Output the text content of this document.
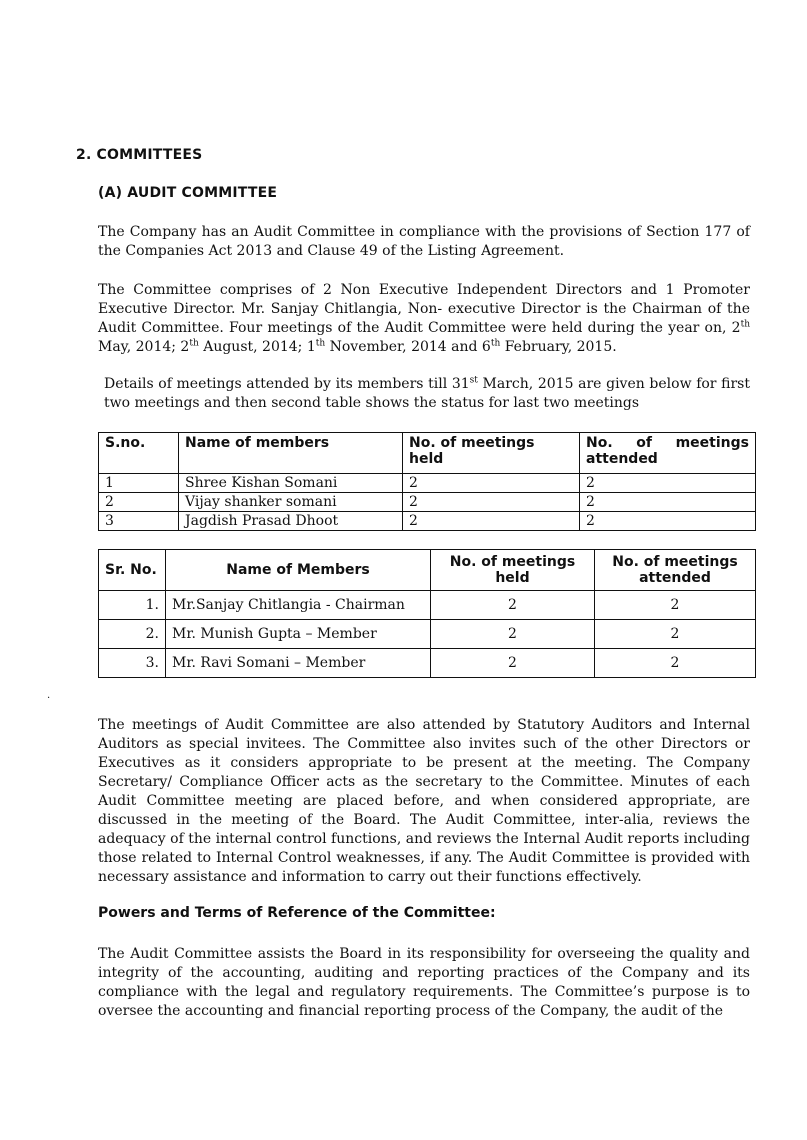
2. COMMITTEES
(A) AUDIT COMMITTEE
The Company has an Audit Committee in compliance with the provisions of Section 177 of the Companies Act 2013 and Clause 49 of the Listing Agreement.
The Committee comprises of 2 Non Executive Independent Directors and 1 Promoter Executive Director. Mr. Sanjay Chitlangia, Non- executive Director is the Chairman of the Audit Committee. Four meetings of the Audit Committee were held during the year on, 2th May, 2014; 2th August, 2014; 1th November, 2014 and 6th February, 2015.
Details of meetings attended by its members till 31st March, 2015 are given below for first two meetings and then second table shows the status for last two meetings
S.no.	Name of members	No. of meetings held	No. of meetings attended
1	Shree Kishan Somani	2	2
2	Vijay shanker somani	2	2
3	Jagdish Prasad Dhoot	2	2
Sr. No.	Name of Members	No. of meetings held	No. of meetings attended
1.	Mr.Sanjay Chitlangia - Chairman	2	2
2.	Mr. Munish Gupta – Member	2	2
3.	Mr. Ravi Somani – Member	2	2
.
The meetings of Audit Committee are also attended by Statutory Auditors and Internal Auditors as special invitees. The Committee also invites such of the other Directors or Executives as it considers appropriate to be present at the meeting. The Company Secretary/ Compliance Officer acts as the secretary to the Committee. Minutes of each Audit Committee meeting are placed before, and when considered appropriate, are discussed in the meeting of the Board. The Audit Committee, inter-alia, reviews the adequacy of the internal control functions, and reviews the Internal Audit reports including those related to Internal Control weaknesses, if any. The Audit Committee is provided with necessary assistance and information to carry out their functions effectively.
Powers and Terms of Reference of the Committee:
The Audit Committee assists the Board in its responsibility for overseeing the quality and integrity of the accounting, auditing and reporting practices of the Company and its compliance with the legal and regulatory requirements. The Committee’s purpose is to oversee the accounting and financial reporting process of the Company, the audit of the
